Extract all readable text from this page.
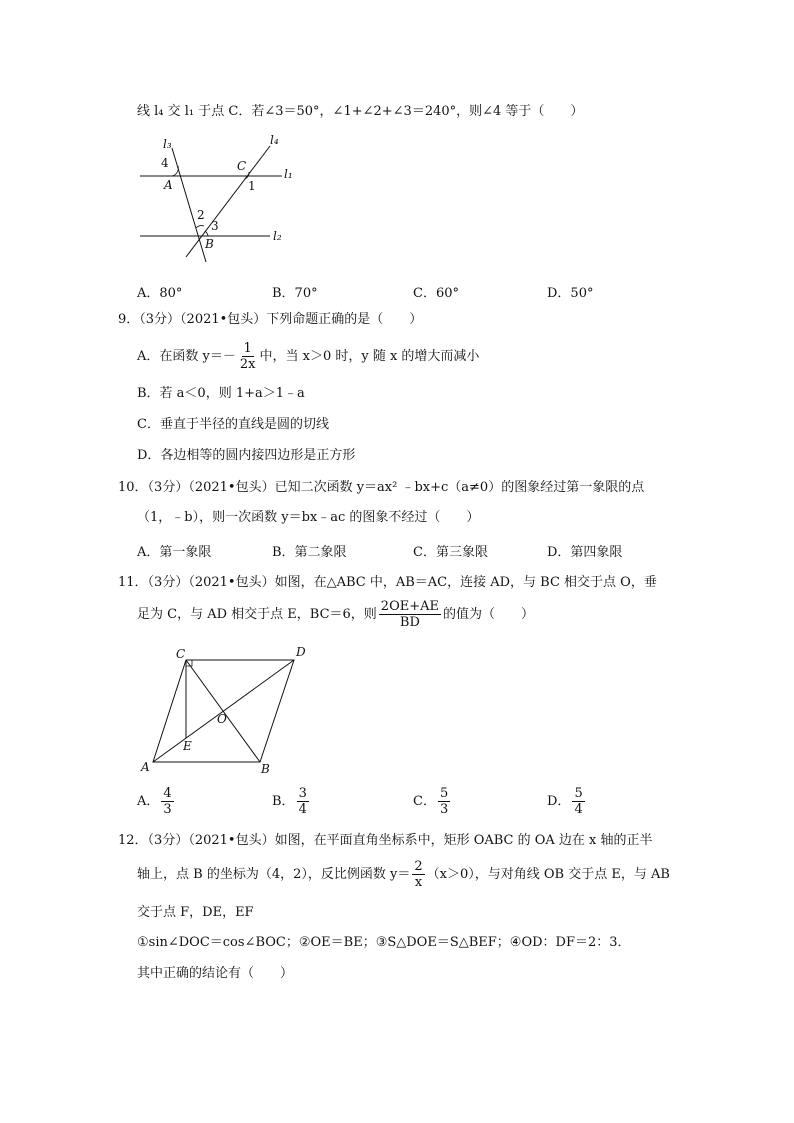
线 l₄ 交 l₁ 于点 C．若∠3＝50°，∠1+∠2+∠3＝240°，则∠4 等于（　　）
l₃	l₄
l₁
l₂
4
A
C
1
2
3
B
A．80°	B．70°	C．60°	D．50°
9．（3分）（2021•包头）下列命题正确的是（　　）
A．在函数 $y=- \frac{1}{2x}$ 中，当 x＞0 时，y 随 x 的增大而减小
B．若 a＜0，则 1+a＞1﹣a
C．垂直于半径的直线是圆的切线
D．各边相等的圆内接四边形是正方形
10．（3分）（2021•包头）已知二次函数 y＝ax² ﹣bx+c（a≠0）的图象经过第一象限的点
（1，﹣b），则一次函数 y＝bx﹣ac 的图象不经过（　　）
A．第一象限	B．第二象限	C．第三象限	D．第四象限
11．（3分）（2021•包头）如图，在△ABC 中，AB＝AC，连接 AD，与 BC 相交于点 O，垂
足为 C，与 AD 相交于点 E，BC＝6，则 $\frac{2OE+AE}{BD}$ 的值为（　　）
C	D
O
E
A	B
A． $\frac{4}{3}$	B． $\frac{3}{4}$	C． $\frac{5}{3}$	D． $\frac{5}{4}$
12．（3分）（2021•包头）如图，在平面直角坐标系中，矩形 OABC 的 OA 边在 x 轴的正半
轴上，点 B 的坐标为（4，2），反比例函数 $y= \frac{2}{x} (x>0)$，与对角线 OB 交于点 E，与 AB
交于点 F，DE，EF
①sin∠DOC＝cos∠BOC；②OE＝BE；③S△DOE＝S△BEF；④OD：DF＝2：3．
其中正确的结论有（　　）
